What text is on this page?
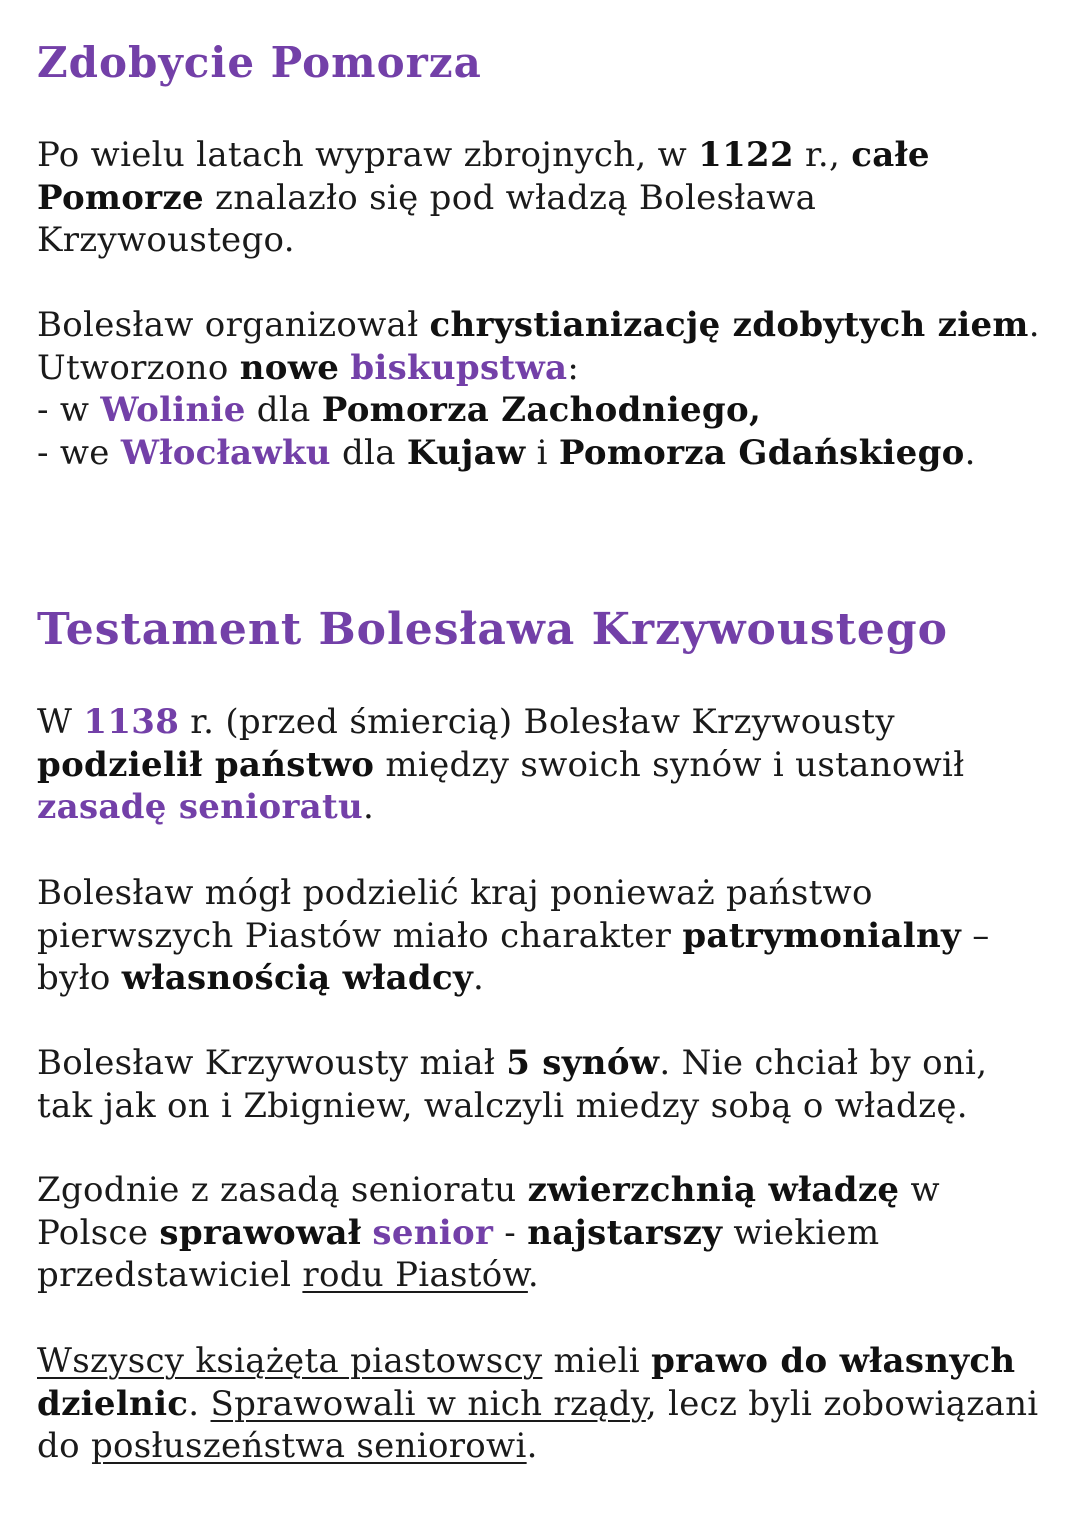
Zdobycie Pomorza

Po wielu latach wypraw zbrojnych, w 1122 r., całe
Pomorze znalazło się pod władzą Bolesława
Krzywoustego.

Bolesław organizował chrystianizację zdobytych ziem.
Utworzono nowe biskupstwa:
- w Wolinie dla Pomorza Zachodniego,
- we Włocławku dla Kujaw i Pomorza Gdańskiego.

Testament Bolesława Krzywoustego

W 1138 r. (przed śmiercią) Bolesław Krzywousty
podzielił państwo między swoich synów i ustanowił
zasadę senioratu.

Bolesław mógł podzielić kraj ponieważ państwo
pierwszych Piastów miało charakter patrymonialny –
było własnością władcy.

Bolesław Krzywousty miał 5 synów. Nie chciał by oni,
tak jak on i Zbigniew, walczyli miedzy sobą o władzę.

Zgodnie z zasadą senioratu zwierzchnią władzę w
Polsce sprawował senior - najstarszy wiekiem
przedstawiciel rodu Piastów.

Wszyscy książęta piastowscy mieli prawo do własnych
dzielnic. Sprawowali w nich rządy, lecz byli zobowiązani
do posłuszeństwa seniorowi.
